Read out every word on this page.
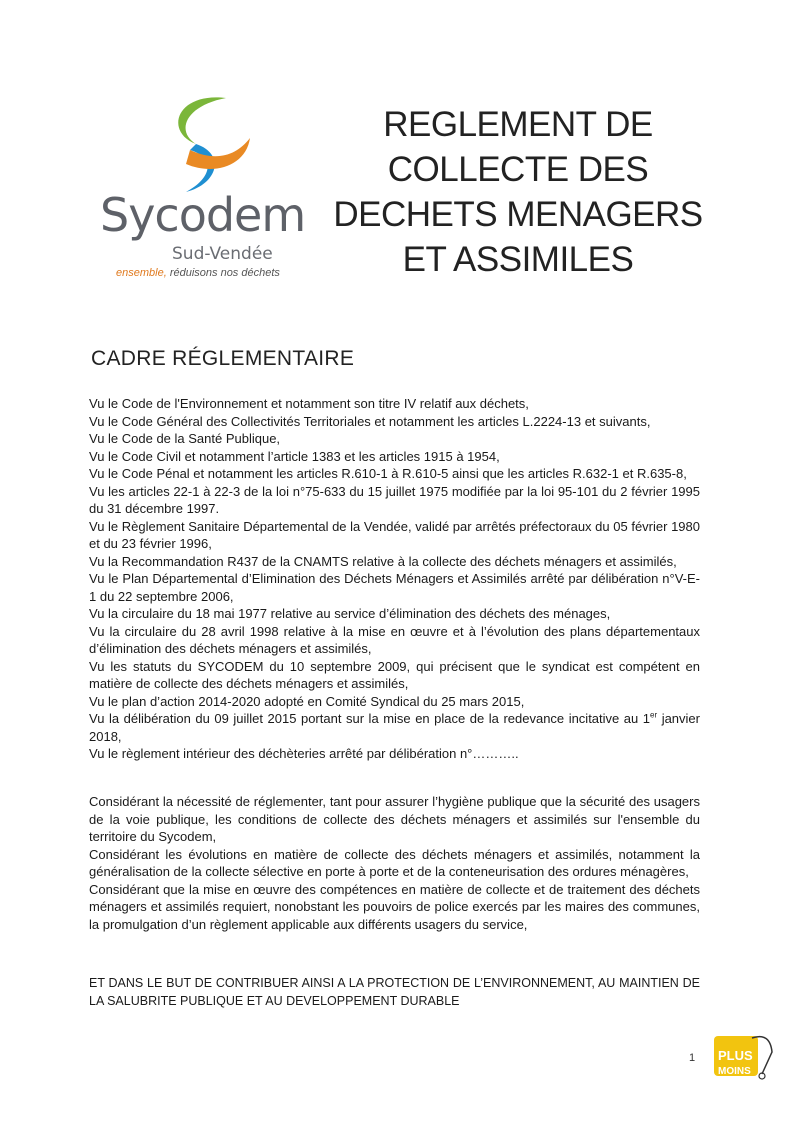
Sycodem
Sud-Vendée
ensemble, réduisons nos déchets
REGLEMENT DE
COLLECTE DES
DECHETS MENAGERS
ET ASSIMILES
CADRE RÉGLEMENTAIRE
Vu le Code de l'Environnement et notamment son titre IV relatif aux déchets,
Vu le Code Général des Collectivités Territoriales et notamment les articles L.2224-13 et suivants,
Vu le Code de la Santé Publique,
Vu le Code Civil et notamment l’article 1383 et les articles 1915 à 1954,
Vu le Code Pénal et notamment les articles R.610-1 à R.610-5 ainsi que les articles R.632-1 et R.635-8,
Vu les articles 22-1 à 22-3 de la loi n°75-633 du 15 juillet 1975 modifiée par la loi 95-101 du 2 février 1995 du 31 décembre 1997.
Vu le Règlement Sanitaire Départemental de la Vendée, validé par arrêtés préfectoraux du 05 février 1980 et du 23 février 1996,
Vu la Recommandation R437 de la CNAMTS relative à la collecte des déchets ménagers et assimilés,
Vu le Plan Départemental d’Elimination des Déchets Ménagers et Assimilés arrêté par délibération n°V-E-1 du 22 septembre 2006,
Vu la circulaire du 18 mai 1977 relative au service d’élimination des déchets des ménages,
Vu la circulaire du 28 avril 1998 relative à la mise en œuvre et à l’évolution des plans départementaux d’élimination des déchets ménagers et assimilés,
Vu les statuts du SYCODEM du 10 septembre 2009, qui précisent que le syndicat est compétent en matière de collecte des déchets ménagers et assimilés,
Vu le plan d’action 2014-2020 adopté en Comité Syndical du 25 mars 2015,
Vu la délibération du 09 juillet 2015 portant sur la mise en place de la redevance incitative au 1er janvier 2018,
Vu le règlement intérieur des déchèteries arrêté par délibération n°………..
Considérant la nécessité de réglementer, tant pour assurer l’hygiène publique que la sécurité des usagers de la voie publique, les conditions de collecte des déchets ménagers et assimilés sur l'ensemble du territoire du Sycodem,
Considérant les évolutions en matière de collecte des déchets ménagers et assimilés, notamment la généralisation de la collecte sélective en porte à porte et de la conteneurisation des ordures ménagères,
Considérant que la mise en œuvre des compétences en matière de collecte et de traitement des déchets ménagers et assimilés requiert, nonobstant les pouvoirs de police exercés par les maires des communes, la promulgation d’un règlement applicable aux différents usagers du service,
ET DANS LE BUT DE CONTRIBUER AINSI A LA PROTECTION DE L’ENVIRONNEMENT, AU MAINTIEN DE LA SALUBRITE PUBLIQUE ET AU DEVELOPPEMENT DURABLE
1 PLUS
MOINS
